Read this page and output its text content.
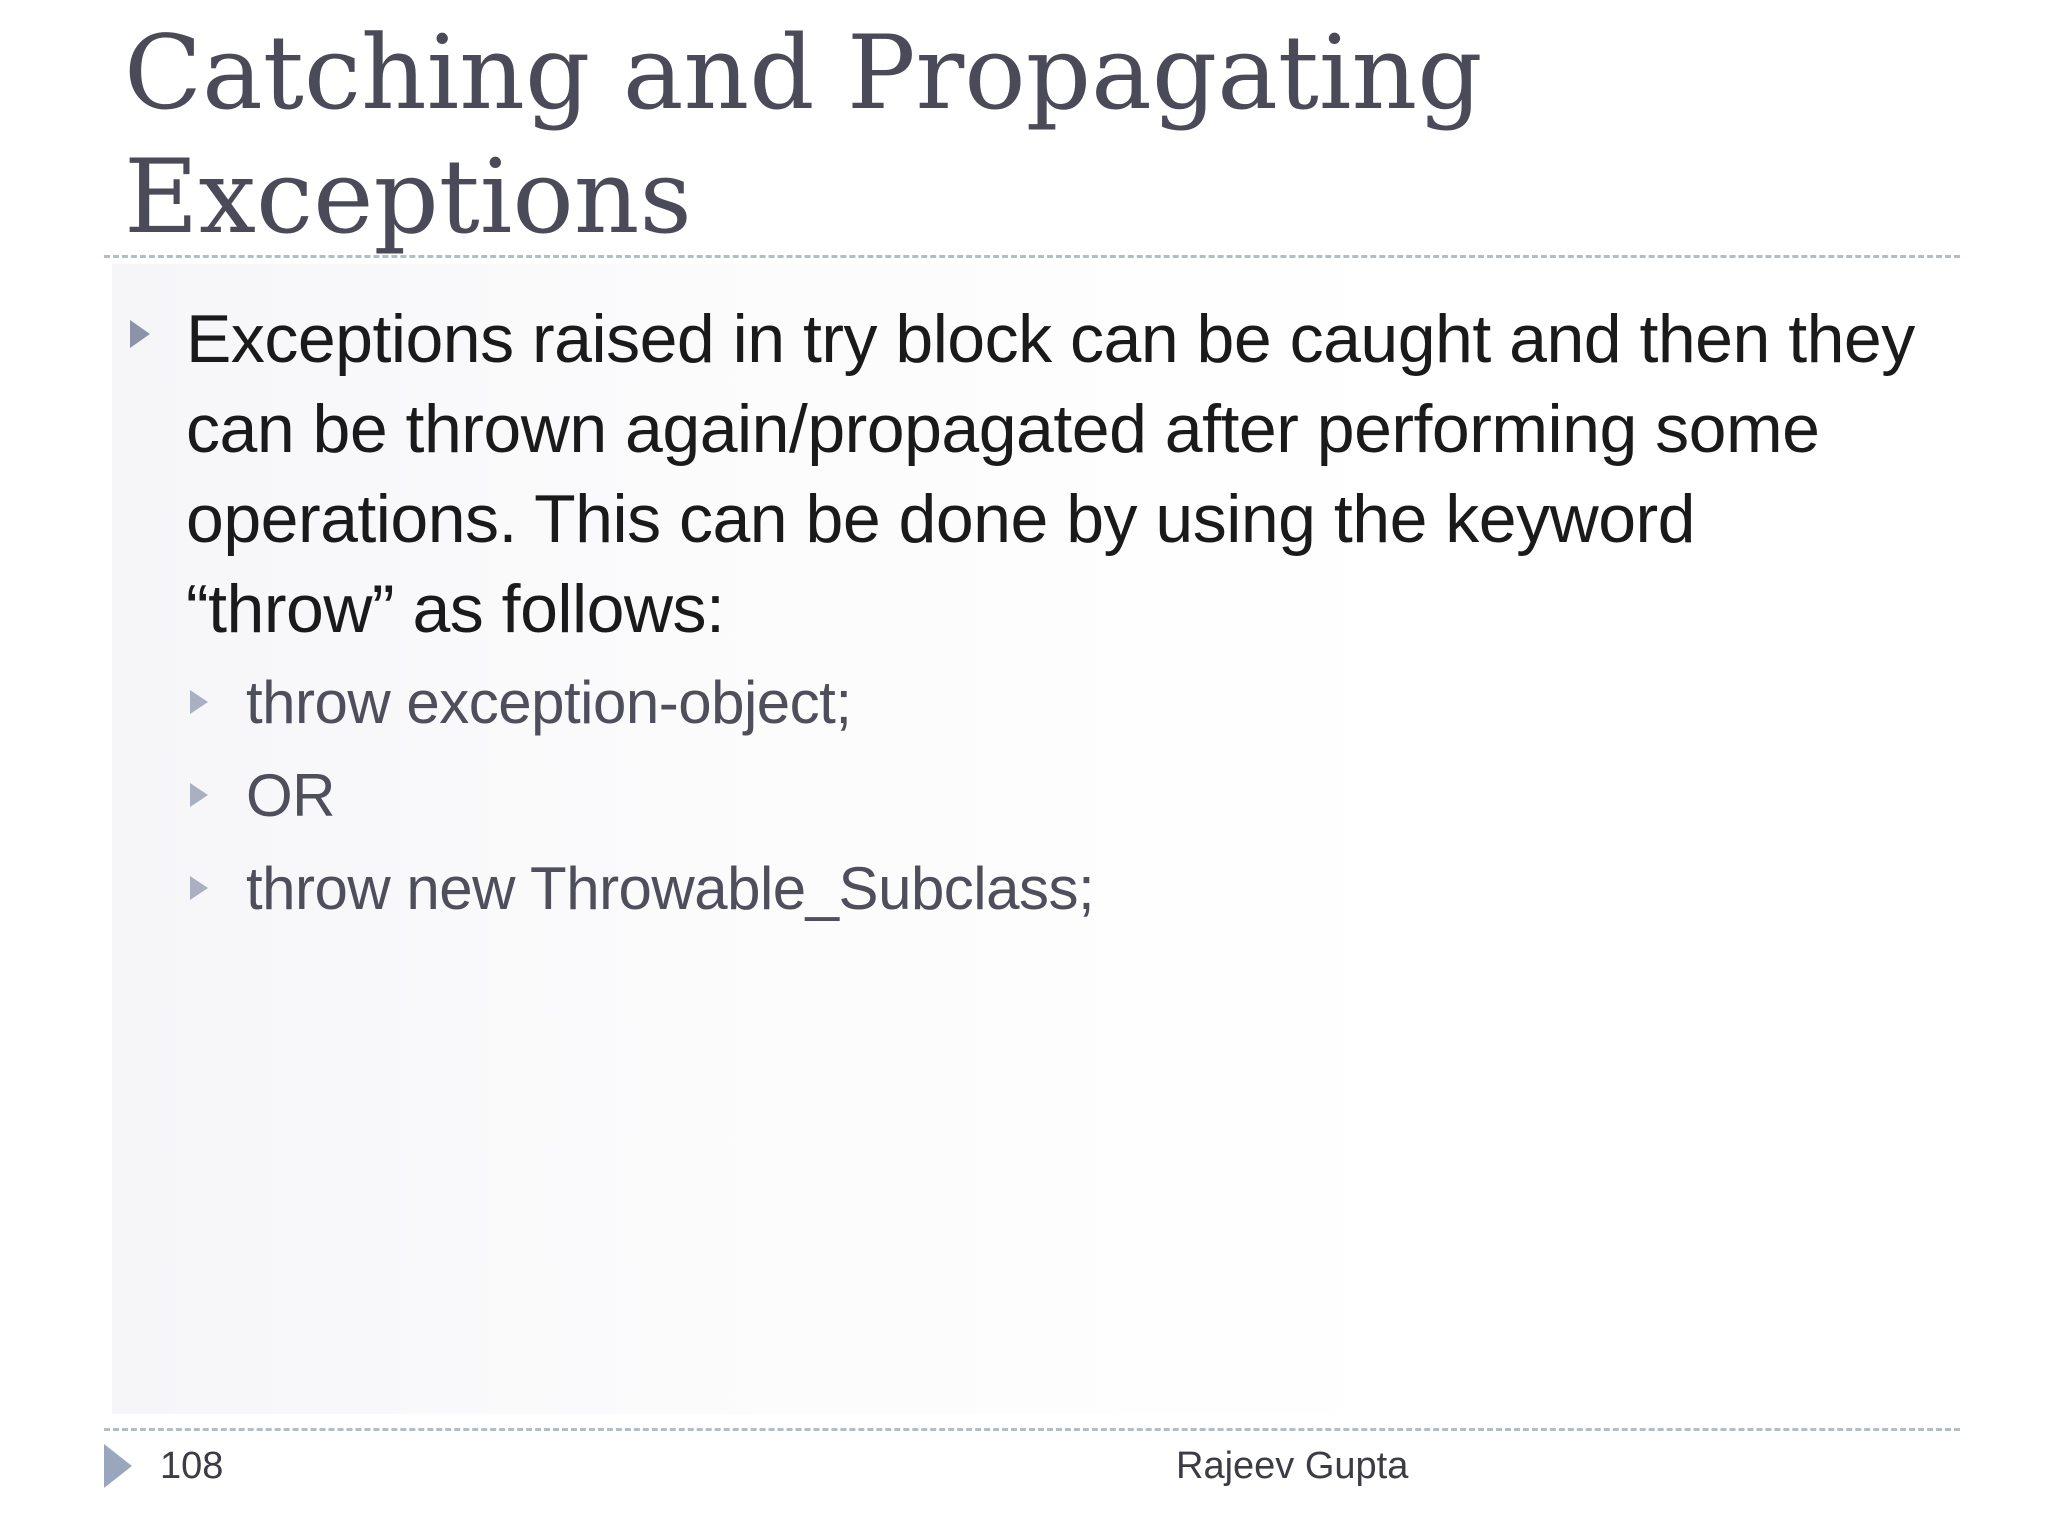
Catching and Propagating Exceptions

Exceptions raised in try block can be caught and then they can be thrown again/propagated after performing some operations. This can be done by using the keyword “throw” as follows:

throw exception-object;
OR
throw new Throwable_Subclass;
108	Rajeev Gupta
